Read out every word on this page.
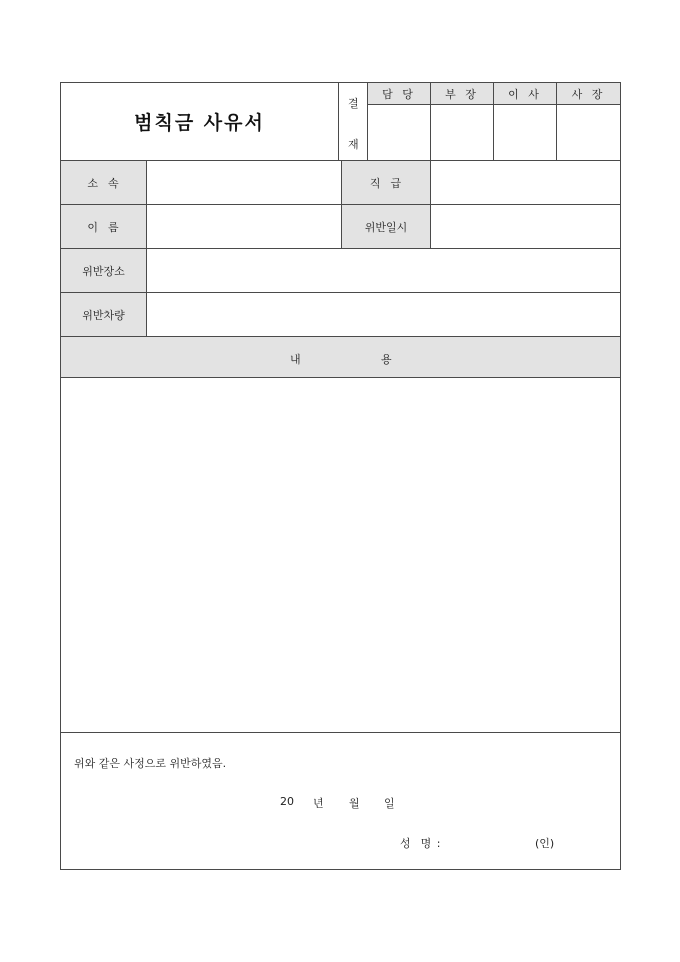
범칙금 사유서
결
재
담 당	부 장	이 사	사 장
소  속	직  급
이  름	위반일시
위반장소
위반차량
내	용
위와 같은 사정으로 위반하였음.
20 년 월 일
성  명 :	(인)
